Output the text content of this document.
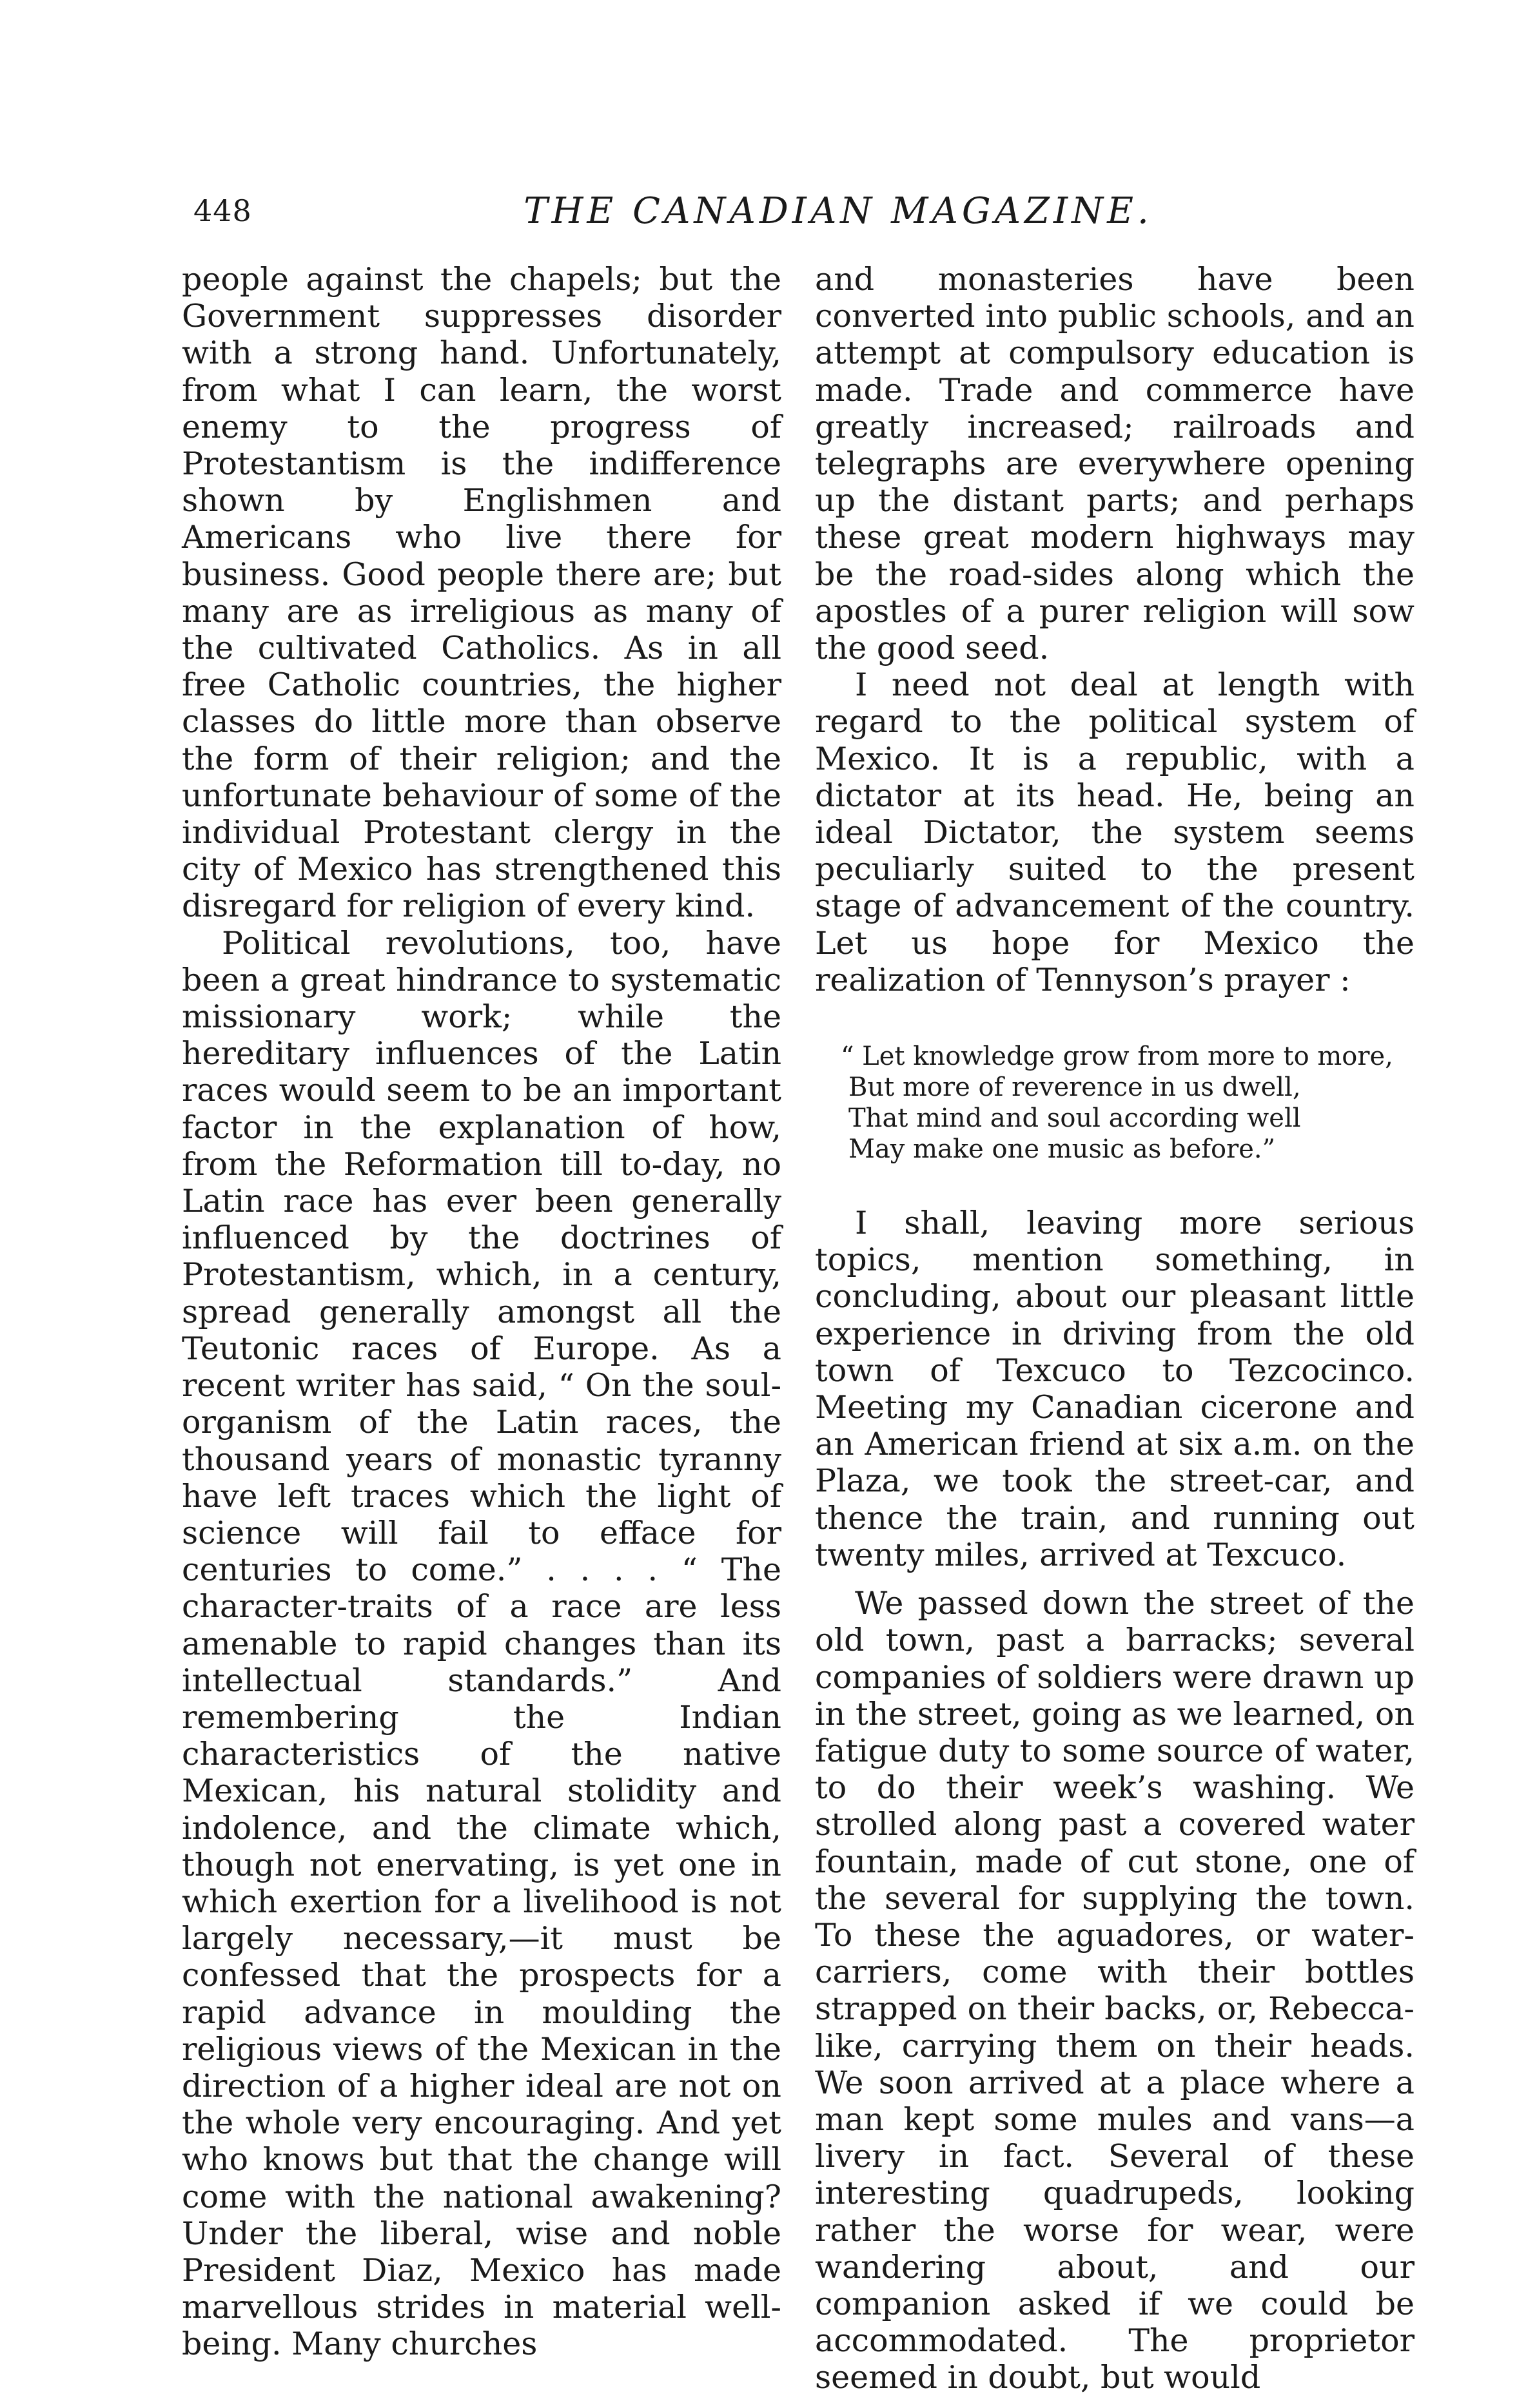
448	THE CANADIAN MAGAZINE.

people against the chapels; but the Government suppresses disorder with a strong hand. Unfortunately, from what I can learn, the worst enemy to the progress of Protestantism is the indifference shown by Englishmen and Americans who live there for business. Good people there are; but many are as irreligious as many of the cultivated Catholics. As in all free Catholic countries, the higher classes do little more than observe the form of their religion; and the unfortunate behaviour of some of the individual Protestant clergy in the city of Mexico has strengthened this disregard for religion of every kind.

Political revolutions, too, have been a great hindrance to systematic missionary work; while the hereditary influences of the Latin races would seem to be an important factor in the explanation of how, from the Reformation till to-day, no Latin race has ever been generally influenced by the doctrines of Protestantism, which, in a century, spread generally amongst all the Teutonic races of Europe. As a recent writer has said, “ On the soul-organism of the Latin races, the thousand years of monastic tyranny have left traces which the light of science will fail to efface for centuries to come.” . . . . “ The character-traits of a race are less amenable to rapid changes than its intellectual standards.” And remembering the Indian characteristics of the native Mexican, his natural stolidity and indolence, and the climate which, though not enervating, is yet one in which exertion for a livelihood is not largely necessary,—it must be confessed that the prospects for a rapid advance in moulding the religious views of the Mexican in the direction of a higher ideal are not on the whole very encouraging. And yet who knows but that the change will come with the national awakening? Under the liberal, wise and noble President Diaz, Mexico has made marvellous strides in material well-being. Many churches

and monasteries have been converted into public schools, and an attempt at compulsory education is made. Trade and commerce have greatly increased; railroads and telegraphs are everywhere opening up the distant parts; and perhaps these great modern highways may be the road-sides along which the apostles of a purer religion will sow the good seed.

I need not deal at length with regard to the political system of Mexico. It is a republic, with a dictator at its head. He, being an ideal Dictator, the system seems peculiarly suited to the present stage of advancement of the country. Let us hope for Mexico the realization of Tennyson’s prayer :

“ Let knowledge grow from more to more,
But more of reverence in us dwell,
That mind and soul according well
May make one music as before.”

I shall, leaving more serious topics, mention something, in concluding, about our pleasant little experience in driving from the old town of Texcuco to Tezcocinco. Meeting my Canadian cicerone and an American friend at six a.m. on the Plaza, we took the street-car, and thence the train, and running out twenty miles, arrived at Texcuco.

We passed down the street of the old town, past a barracks; several companies of soldiers were drawn up in the street, going as we learned, on fatigue duty to some source of water, to do their week’s washing. We strolled along past a covered water fountain, made of cut stone, one of the several for supplying the town. To these the aguadores, or water-carriers, come with their bottles strapped on their backs, or, Rebecca-like, carrying them on their heads. We soon arrived at a place where a man kept some mules and vans—a livery in fact. Several of these interesting quadrupeds, looking rather the worse for wear, were wandering about, and our companion asked if we could be accommodated. The proprietor seemed in doubt, but would
